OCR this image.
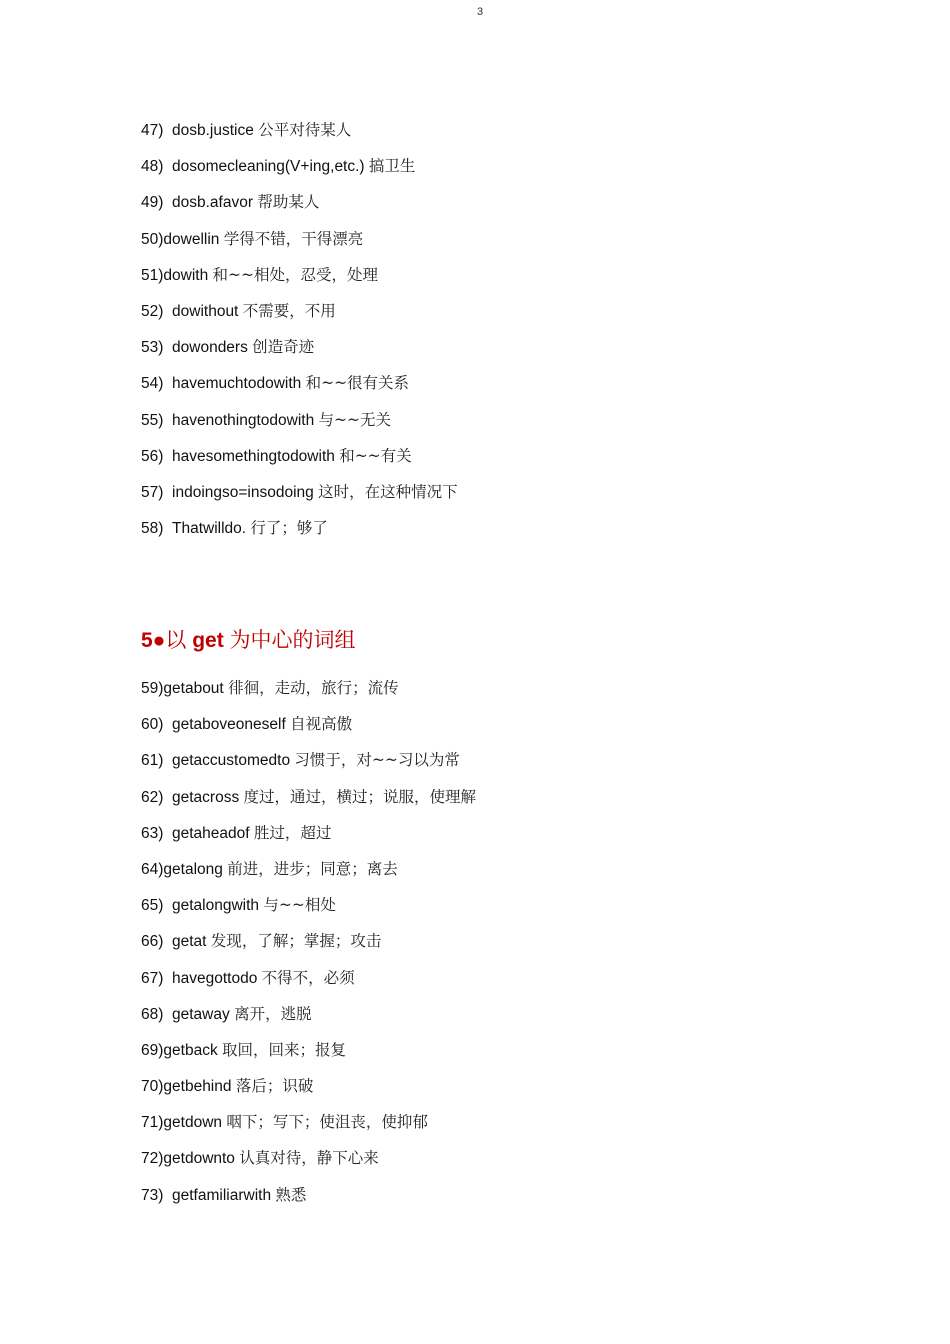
3
47)  dosb.justice 公平对待某人
48)  dosomecleaning(V+ing,etc.) 搞卫生
49)  dosb.afavor 帮助某人
50)dowellin 学得不错，干得漂亮
51)dowith 和~~相处，忍受，处理
52)  dowithout 不需要，不用
53)  dowonders 创造奇迹
54)  havemuchtodowith 和~~很有关系
55)  havenothingtodowith 与~~无关
56)  havesomethingtodowith 和~~有关
57)  indoingso=insodoing 这时，在这种情况下
58)  Thatwilldo. 行了；够了
5●以 get 为中心的词组
59)getabout 徘徊，走动，旅行；流传
60)  getaboveoneself 自视高傲
61)  getaccustomedto 习惯于，对~~习以为常
62)  getacross 度过，通过，横过；说服，使理解
63)  getaheadof 胜过，超过
64)getalong 前进，进步；同意；离去
65)  getalongwith 与~~相处
66)  getat 发现，了解；掌握；攻击
67)  havegottodo 不得不，必须
68)  getaway 离开，逃脱
69)getback 取回，回来；报复
70)getbehind 落后；识破
71)getdown 咽下；写下；使沮丧，使抑郁
72)getdownto 认真对待，静下心来
73)  getfamiliarwith 熟悉
